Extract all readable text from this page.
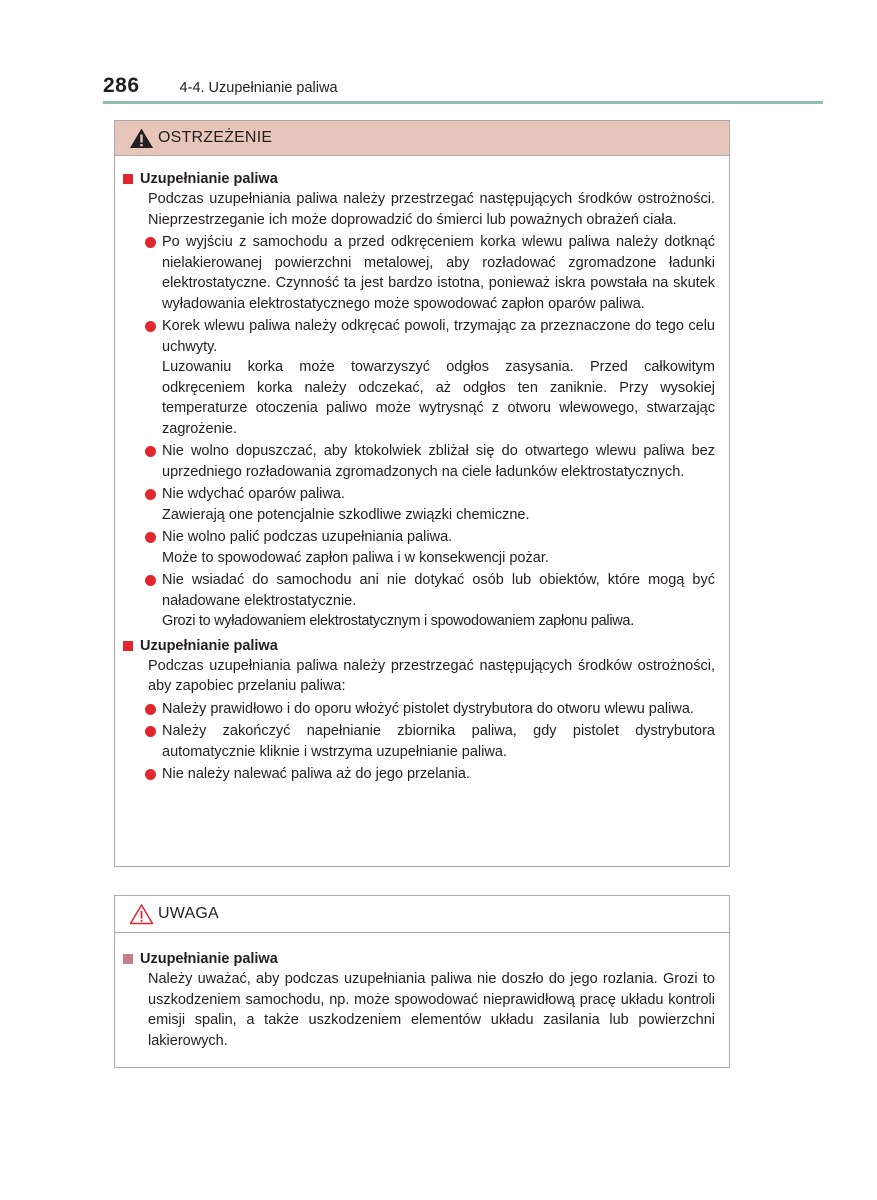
286	4-4. Uzupełnianie paliwa
OSTRZEŻENIE
Uzupełnianie paliwa
Podczas uzupełniania paliwa należy przestrzegać następujących środków ostrożności. Nieprzestrzeganie ich może doprowadzić do śmierci lub poważnych obrażeń ciała.
Po wyjściu z samochodu a przed odkręceniem korka wlewu paliwa należy dotknąć nielakierowanej powierzchni metalowej, aby rozładować zgromadzone ładunki elektrostatyczne. Czynność ta jest bardzo istotna, ponieważ iskra powstała na skutek wyładowania elektrostatycznego może spowodować zapłon oparów paliwa.
Korek wlewu paliwa należy odkręcać powoli, trzymając za przeznaczone do tego celu uchwyty.
Luzowaniu korka może towarzyszyć odgłos zasysania. Przed całkowitym odkręceniem korka należy odczekać, aż odgłos ten zaniknie. Przy wysokiej temperaturze otoczenia paliwo może wytrysnąć z otworu wlewowego, stwarzając zagrożenie.
Nie wolno dopuszczać, aby ktokolwiek zbliżał się do otwartego wlewu paliwa bez uprzedniego rozładowania zgromadzonych na ciele ładunków elektrostatycznych.
Nie wdychać oparów paliwa.
Zawierają one potencjalnie szkodliwe związki chemiczne.
Nie wolno palić podczas uzupełniania paliwa.
Może to spowodować zapłon paliwa i w konsekwencji pożar.
Nie wsiadać do samochodu ani nie dotykać osób lub obiektów, które mogą być naładowane elektrostatycznie.
Grozi to wyładowaniem elektrostatycznym i spowodowaniem zapłonu paliwa.
Uzupełnianie paliwa
Podczas uzupełniania paliwa należy przestrzegać następujących środków ostrożności, aby zapobiec przelaniu paliwa:
Należy prawidłowo i do oporu włożyć pistolet dystrybutora do otworu wlewu paliwa.
Należy zakończyć napełnianie zbiornika paliwa, gdy pistolet dystrybutora automatycznie kliknie i wstrzyma uzupełnianie paliwa.
Nie należy nalewać paliwa aż do jego przelania.
UWAGA
Uzupełnianie paliwa
Należy uważać, aby podczas uzupełniania paliwa nie doszło do jego rozlania. Grozi to uszkodzeniem samochodu, np. może spowodować nieprawidłową pracę układu kontroli emisji spalin, a także uszkodzeniem elementów układu zasilania lub powierzchni lakierowych.
